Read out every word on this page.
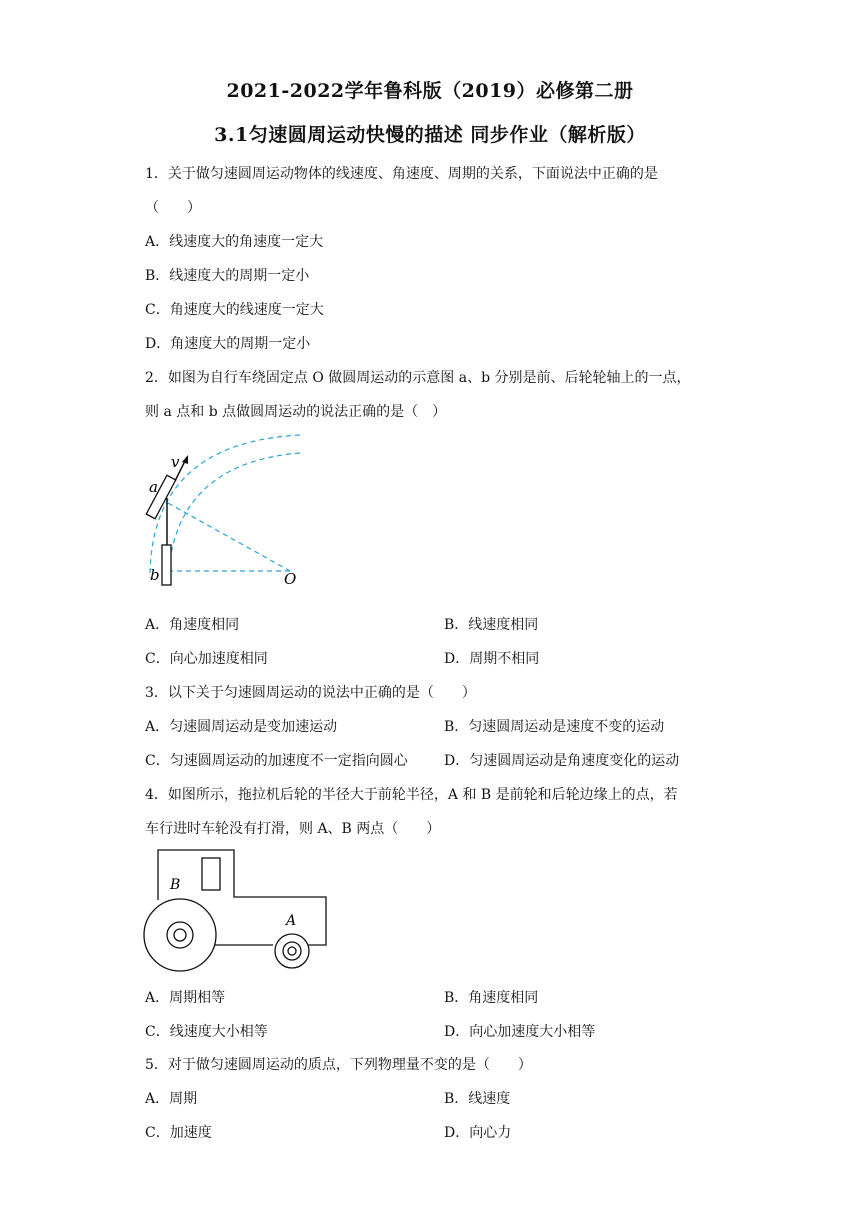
2021-2022学年鲁科版（2019）必修第二册
3.1匀速圆周运动快慢的描述 同步作业（解析版）
1．关于做匀速圆周运动物体的线速度、角速度、周期的关系，下面说法中正确的是
（　　）
A．线速度大的角速度一定大
B．线速度大的周期一定小
C．角速度大的线速度一定大
D．角速度大的周期一定小
2．如图为自行车绕固定点 O 做圆周运动的示意图 a、b 分别是前、后轮轮轴上的一点，
则 a 点和 b 点做圆周运动的说法正确的是（　）
v
a
b	O
A．角速度相同	B．线速度相同
C．向心加速度相同	D．周期不相同
3．以下关于匀速圆周运动的说法中正确的是（　　）
A．匀速圆周运动是变加速运动	B．匀速圆周运动是速度不变的运动
C．匀速圆周运动的加速度不一定指向圆心	D．匀速圆周运动是角速度变化的运动
4．如图所示，拖拉机后轮的半径大于前轮半径，A 和 B 是前轮和后轮边缘上的点，若
车行进时车轮没有打滑，则 A、B 两点（　　）
B
A
A．周期相等	B．角速度相同
C．线速度大小相等	D．向心加速度大小相等
5．对于做匀速圆周运动的质点，下列物理量不变的是（　　）
A．周期	B．线速度
C．加速度	D．向心力
